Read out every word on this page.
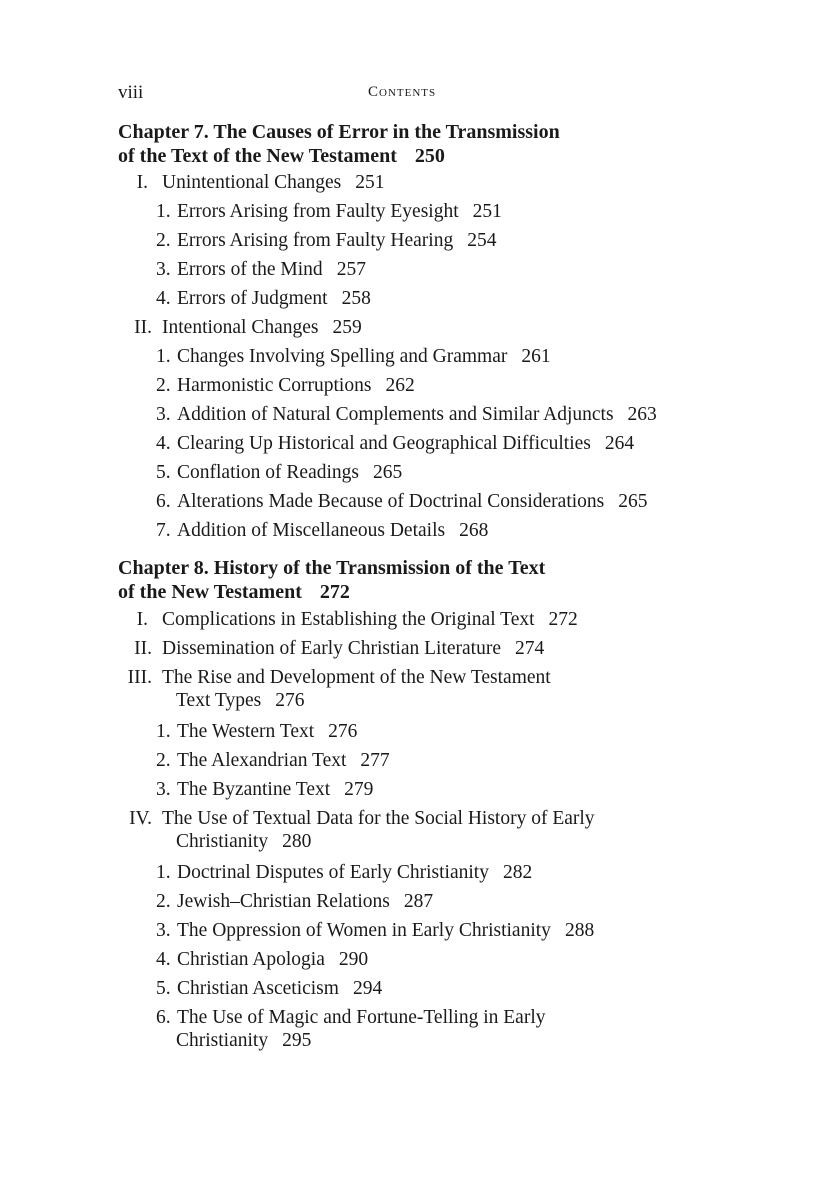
viii	Contents
Chapter 7. The Causes of Error in the Transmission
of the Text of the New Testament 250
I. Unintentional Changes 251
1. Errors Arising from Faulty Eyesight 251
2. Errors Arising from Faulty Hearing 254
3. Errors of the Mind 257
4. Errors of Judgment 258
II. Intentional Changes 259
1. Changes Involving Spelling and Grammar 261
2. Harmonistic Corruptions 262
3. Addition of Natural Complements and Similar Adjuncts 263
4. Clearing Up Historical and Geographical Difficulties 264
5. Conflation of Readings 265
6. Alterations Made Because of Doctrinal Considerations 265
7. Addition of Miscellaneous Details 268
Chapter 8. History of the Transmission of the Text
of the New Testament 272
I. Complications in Establishing the Original Text 272
II. Dissemination of Early Christian Literature 274
III. The Rise and Development of the New Testament
Text Types 276
1. The Western Text 276
2. The Alexandrian Text 277
3. The Byzantine Text 279
IV. The Use of Textual Data for the Social History of Early
Christianity 280
1. Doctrinal Disputes of Early Christianity 282
2. Jewish–Christian Relations 287
3. The Oppression of Women in Early Christianity 288
4. Christian Apologia 290
5. Christian Asceticism 294
6. The Use of Magic and Fortune-Telling in Early
Christianity 295
